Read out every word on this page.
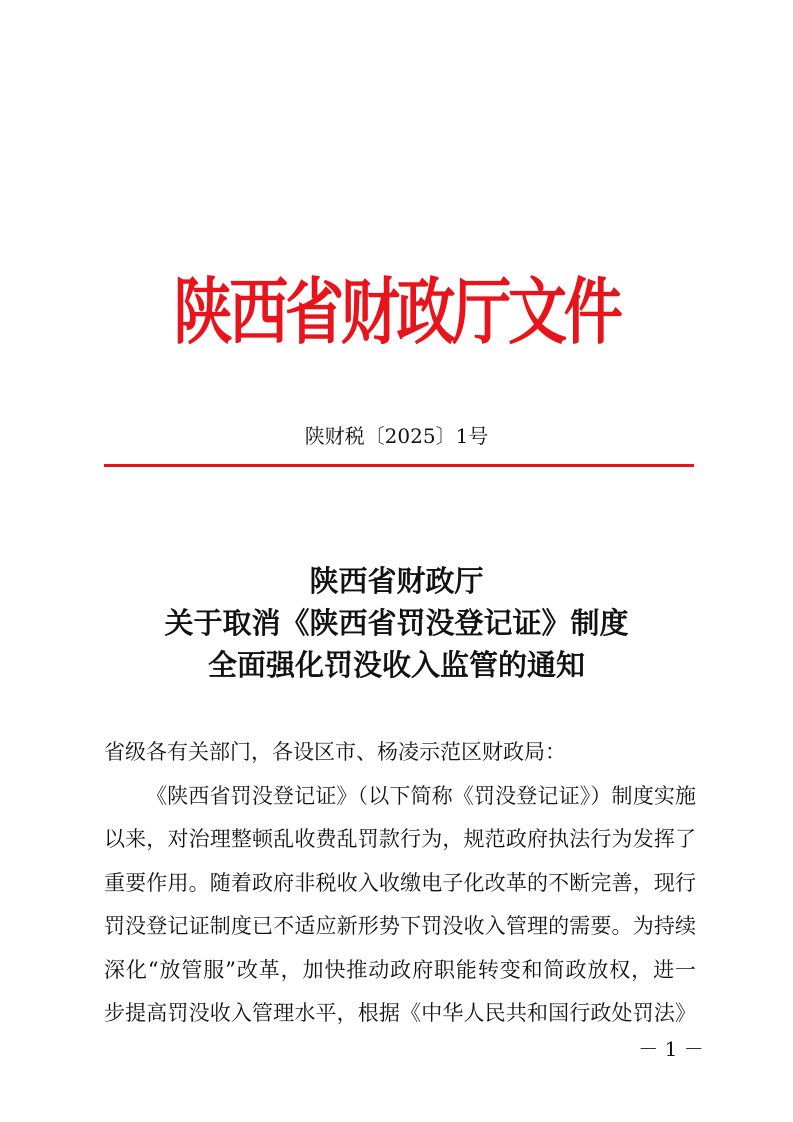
陕西省财政厅文件
陕财税〔2025〕1号
陕西省财政厅
关于取消《陕西省罚没登记证》制度
全面强化罚没收入监管的通知
省级各有关部门，各设区市、杨凌示范区财政局：
《陕西省罚没登记证》（以下简称《罚没登记证》）制度实施
以来，对治理整顿乱收费乱罚款行为，规范政府执法行为发挥了
重要作用。随着政府非税收入收缴电子化改革的不断完善，现行
罚没登记证制度已不适应新形势下罚没收入管理的需要。为持续
深化“放管服”改革，加快推动政府职能转变和简政放权，进一
步提高罚没收入管理水平，根据《中华人民共和国行政处罚法》
－ 1 －
